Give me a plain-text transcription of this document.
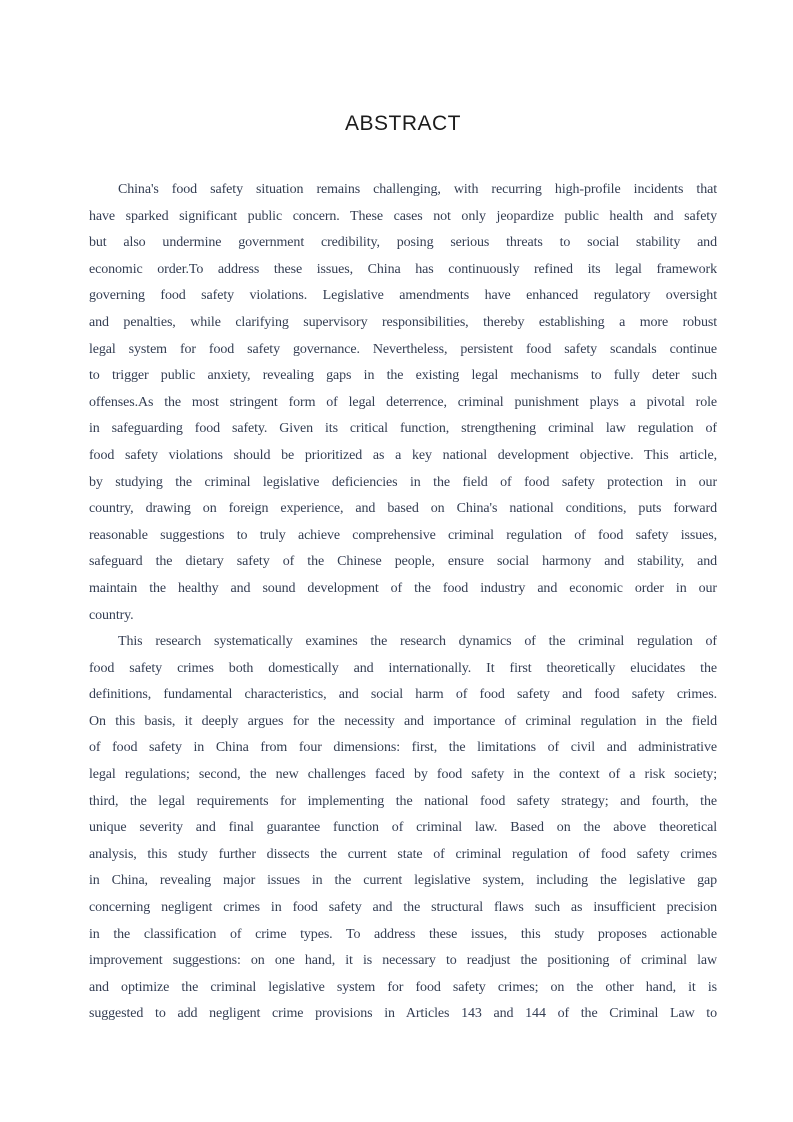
ABSTRACT
China's food safety situation remains challenging, with recurring high-profile incidents that
have sparked significant public concern. These cases not only jeopardize public health and safety
but also undermine government credibility, posing serious threats to social stability and
economic order.To address these issues, China has continuously refined its legal framework
governing food safety violations. Legislative amendments have enhanced regulatory oversight
and penalties, while clarifying supervisory responsibilities, thereby establishing a more robust
legal system for food safety governance. Nevertheless, persistent food safety scandals continue
to trigger public anxiety, revealing gaps in the existing legal mechanisms to fully deter such
offenses.As the most stringent form of legal deterrence, criminal punishment plays a pivotal role
in safeguarding food safety. Given its critical function, strengthening criminal law regulation of
food safety violations should be prioritized as a key national development objective. This article,
by studying the criminal legislative deficiencies in the field of food safety protection in our
country, drawing on foreign experience, and based on China's national conditions, puts forward
reasonable suggestions to truly achieve comprehensive criminal regulation of food safety issues,
safeguard the dietary safety of the Chinese people, ensure social harmony and stability, and
maintain the healthy and sound development of the food industry and economic order in our
country.
This research systematically examines the research dynamics of the criminal regulation of
food safety crimes both domestically and internationally. It first theoretically elucidates the
definitions, fundamental characteristics, and social harm of food safety and food safety crimes.
On this basis, it deeply argues for the necessity and importance of criminal regulation in the field
of food safety in China from four dimensions: first, the limitations of civil and administrative
legal regulations; second, the new challenges faced by food safety in the context of a risk society;
third, the legal requirements for implementing the national food safety strategy; and fourth, the
unique severity and final guarantee function of criminal law. Based on the above theoretical
analysis, this study further dissects the current state of criminal regulation of food safety crimes
in China, revealing major issues in the current legislative system, including the legislative gap
concerning negligent crimes in food safety and the structural flaws such as insufficient precision
in the classification of crime types. To address these issues, this study proposes actionable
improvement suggestions: on one hand, it is necessary to readjust the positioning of criminal law
and optimize the criminal legislative system for food safety crimes; on the other hand, it is
suggested to add negligent crime provisions in Articles 143 and 144 of the Criminal Law to
